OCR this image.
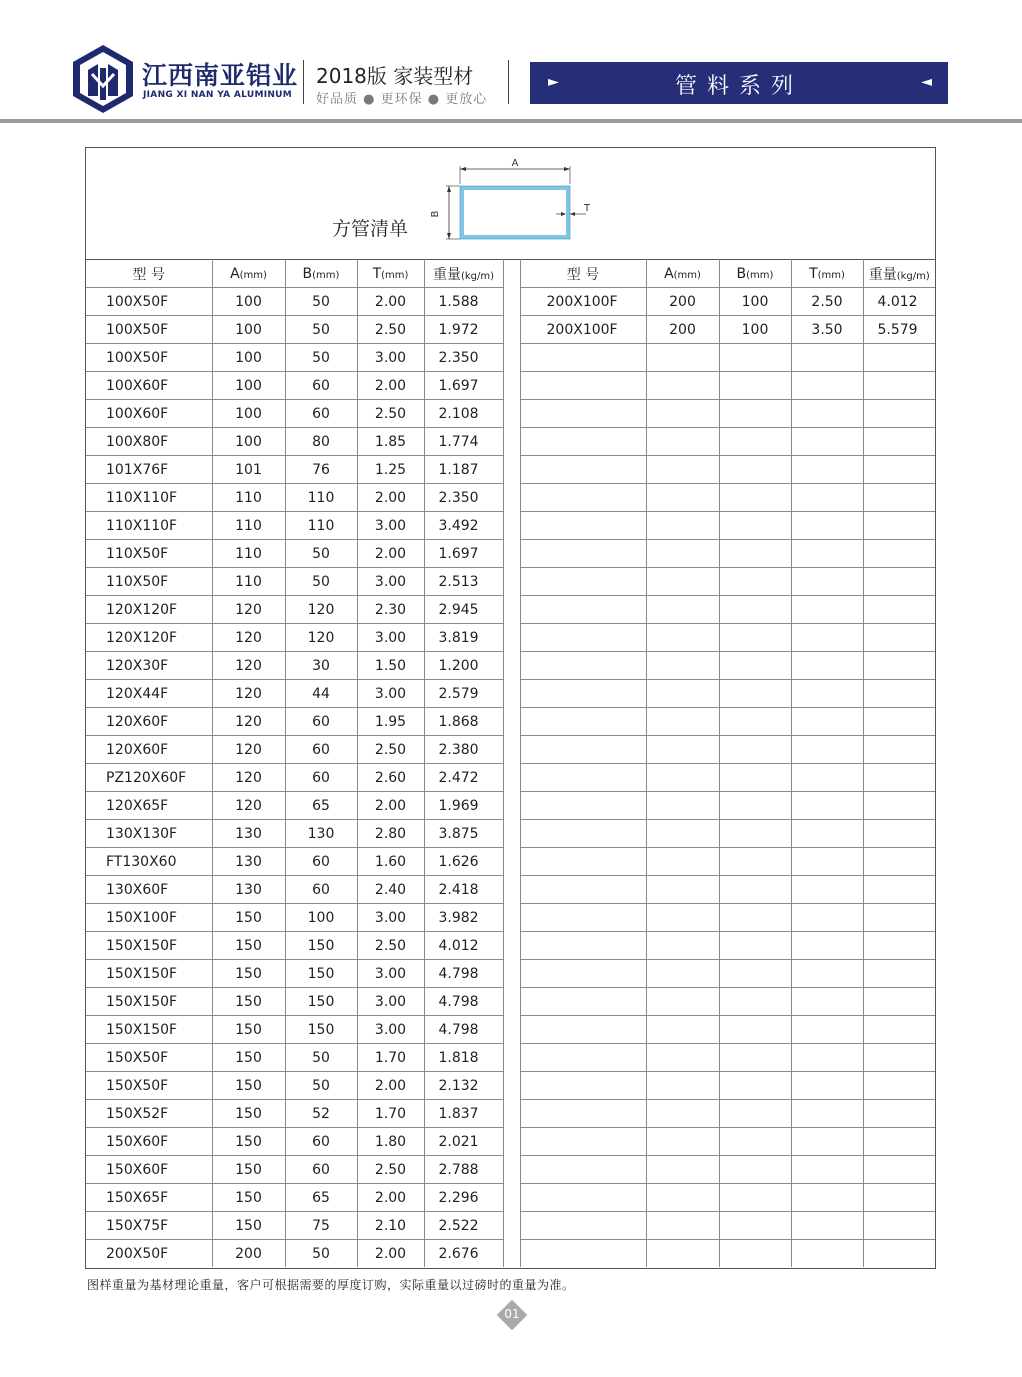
江西南亚铝业
JIANG XI NAN YA ALUMINUM
2018版 家装型材
好品质 ● 更环保 ● 更放心
►	管料系列	◄
方管清单
A
B	T
型 号	A(mm)	B(mm)	T(mm)	重量(kg/m)		型 号	A(mm)	B(mm)	T(mm)	重量(kg/m)
100X50F	100	50	2.00	1.588		200X100F	200	100	2.50	4.012
100X50F	100	50	2.50	1.972		200X100F	200	100	3.50	5.579
100X50F	100	50	3.00	2.350						
100X60F	100	60	2.00	1.697						
100X60F	100	60	2.50	2.108						
100X80F	100	80	1.85	1.774						
101X76F	101	76	1.25	1.187						
110X110F	110	110	2.00	2.350						
110X110F	110	110	3.00	3.492						
110X50F	110	50	2.00	1.697						
110X50F	110	50	3.00	2.513						
120X120F	120	120	2.30	2.945						
120X120F	120	120	3.00	3.819						
120X30F	120	30	1.50	1.200						
120X44F	120	44	3.00	2.579						
120X60F	120	60	1.95	1.868						
120X60F	120	60	2.50	2.380						
PZ120X60F	120	60	2.60	2.472						
120X65F	120	65	2.00	1.969						
130X130F	130	130	2.80	3.875						
FT130X60	130	60	1.60	1.626						
130X60F	130	60	2.40	2.418						
150X100F	150	100	3.00	3.982						
150X150F	150	150	2.50	4.012						
150X150F	150	150	3.00	4.798						
150X150F	150	150	3.00	4.798						
150X150F	150	150	3.00	4.798						
150X50F	150	50	1.70	1.818						
150X50F	150	50	2.00	2.132						
150X52F	150	52	1.70	1.837						
150X60F	150	60	1.80	2.021						
150X60F	150	60	2.50	2.788						
150X65F	150	65	2.00	2.296						
150X75F	150	75	2.10	2.522						
200X50F	200	50	2.00	2.676						
图样重量为基材理论重量，客户可根据需要的厚度订购，实际重量以过磅时的重量为准。
01
